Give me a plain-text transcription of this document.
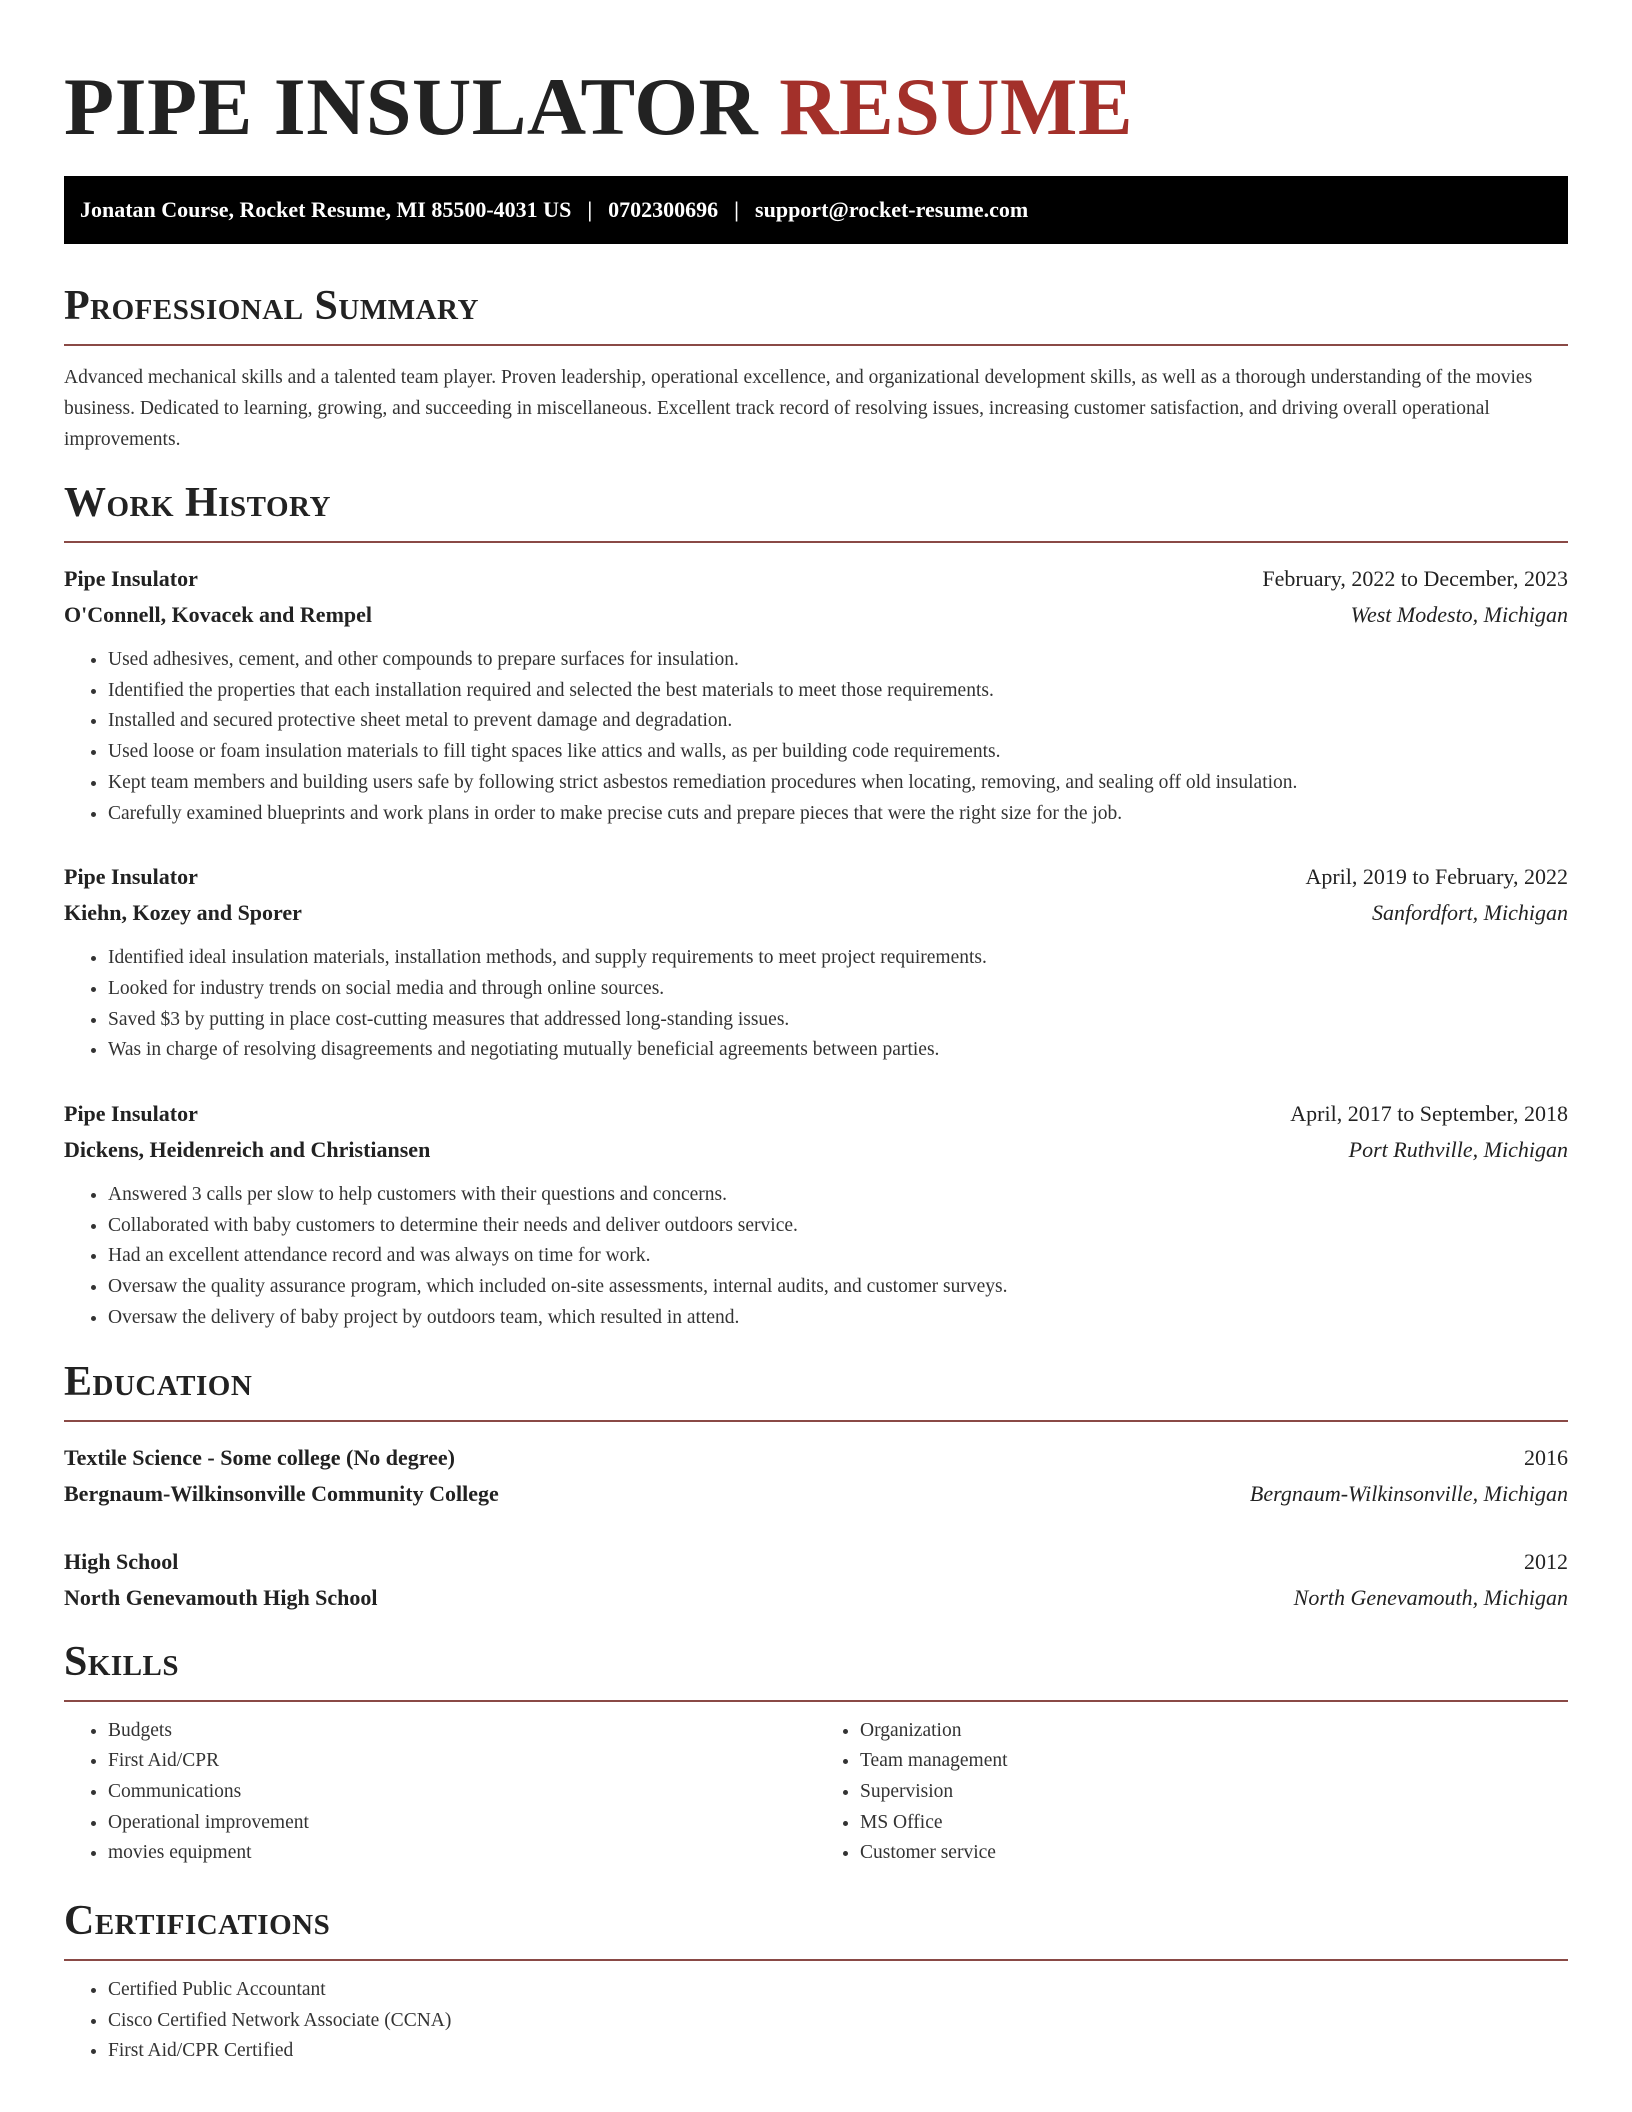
PIPE INSULATOR RESUME
Jonatan Course, Rocket Resume, MI 85500-4031 US | 0702300696 | support@rocket-resume.com
Professional Summary

Advanced mechanical skills and a talented team player. Proven leadership, operational excellence, and organizational development skills, as well as a thorough understanding of the movies business. Dedicated to learning, growing, and succeeding in miscellaneous. Excellent track record of resolving issues, increasing customer satisfaction, and driving overall operational improvements.

Work History
Pipe Insulator	February, 2022 to December, 2023
O'Connell, Kovacek and Rempel	West Modesto, Michigan
• Used adhesives, cement, and other compounds to prepare surfaces for insulation.
• Identified the properties that each installation required and selected the best materials to meet those requirements.
• Installed and secured protective sheet metal to prevent damage and degradation.
• Used loose or foam insulation materials to fill tight spaces like attics and walls, as per building code requirements.
• Kept team members and building users safe by following strict asbestos remediation procedures when locating, removing, and sealing off old insulation.
• Carefully examined blueprints and work plans in order to make precise cuts and prepare pieces that were the right size for the job.
Pipe Insulator	April, 2019 to February, 2022
Kiehn, Kozey and Sporer	Sanfordfort, Michigan
• Identified ideal insulation materials, installation methods, and supply requirements to meet project requirements.
• Looked for industry trends on social media and through online sources.
• Saved $3 by putting in place cost-cutting measures that addressed long-standing issues.
• Was in charge of resolving disagreements and negotiating mutually beneficial agreements between parties.
Pipe Insulator	April, 2017 to September, 2018
Dickens, Heidenreich and Christiansen	Port Ruthville, Michigan
• Answered 3 calls per slow to help customers with their questions and concerns.
• Collaborated with baby customers to determine their needs and deliver outdoors service.
• Had an excellent attendance record and was always on time for work.
• Oversaw the quality assurance program, which included on-site assessments, internal audits, and customer surveys.
• Oversaw the delivery of baby project by outdoors team, which resulted in attend.
Education
Textile Science - Some college (No degree)	2016
Bergnaum-Wilkinsonville Community College	Bergnaum-Wilkinsonville, Michigan
High School	2012
North Genevamouth High School	North Genevamouth, Michigan
Skills
• Budgets
• First Aid/CPR
• Communications
• Operational improvement
• movies equipment
• Organization
• Team management
• Supervision
• MS Office
• Customer service
Certifications
• Certified Public Accountant
• Cisco Certified Network Associate (CCNA)
• First Aid/CPR Certified
